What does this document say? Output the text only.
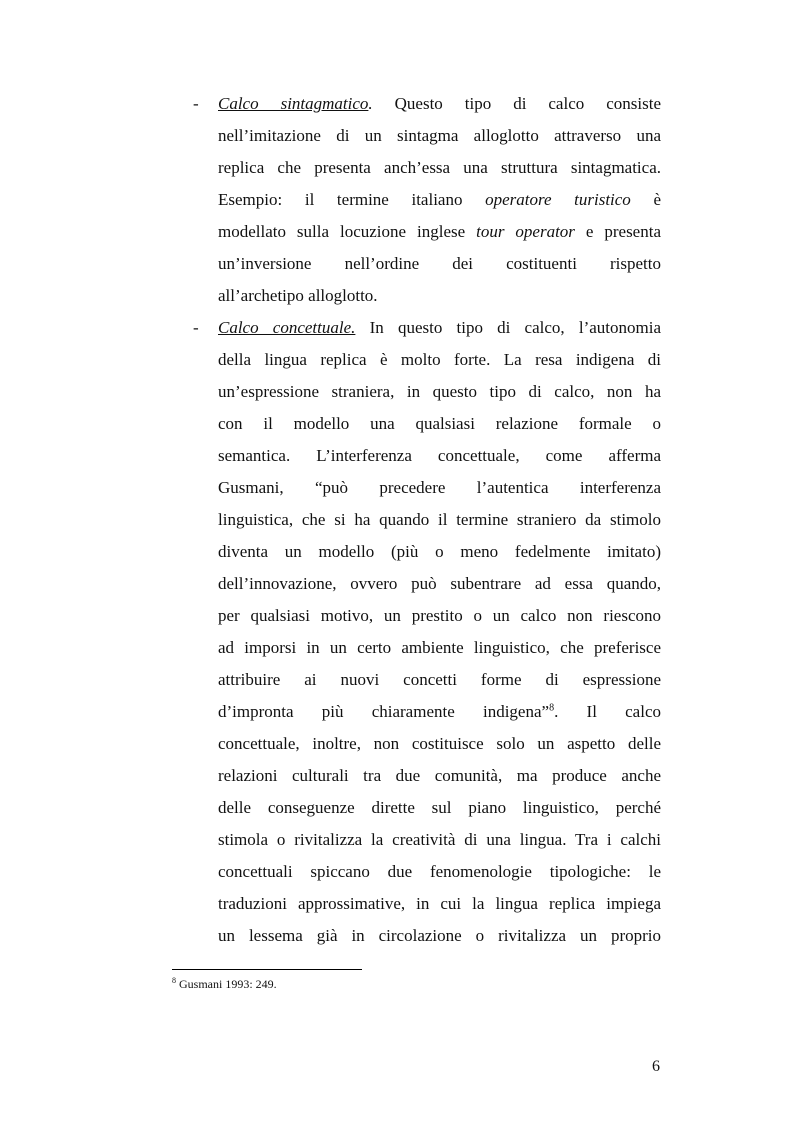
- Calco sintagmatico. Questo tipo di calco consiste
nell’imitazione di un sintagma alloglotto attraverso una
replica che presenta anch’essa una struttura sintagmatica.
Esempio: il termine italiano operatore turistico è
modellato sulla locuzione inglese tour operator e presenta
un’inversione nell’ordine dei costituenti rispetto
all’archetipo alloglotto.
- Calco concettuale. In questo tipo di calco, l’autonomia
della lingua replica è molto forte. La resa indigena di
un’espressione straniera, in questo tipo di calco, non ha
con il modello una qualsiasi relazione formale o
semantica. L’interferenza concettuale, come afferma
Gusmani, “può precedere l’autentica interferenza
linguistica, che si ha quando il termine straniero da stimolo
diventa un modello (più o meno fedelmente imitato)
dell’innovazione, ovvero può subentrare ad essa quando,
per qualsiasi motivo, un prestito o un calco non riescono
ad imporsi in un certo ambiente linguistico, che preferisce
attribuire ai nuovi concetti forme di espressione
d’impronta più chiaramente indigena”$^8$. Il calco
concettuale, inoltre, non costituisce solo un aspetto delle
relazioni culturali tra due comunità, ma produce anche
delle conseguenze dirette sul piano linguistico, perché
stimola o rivitalizza la creatività di una lingua. Tra i calchi
concettuali spiccano due fenomenologie tipologiche: le
traduzioni approssimative, in cui la lingua replica impiega
un lessema già in circolazione o rivitalizza un proprio
$^8$ Gusmani 1993: 249.
6
